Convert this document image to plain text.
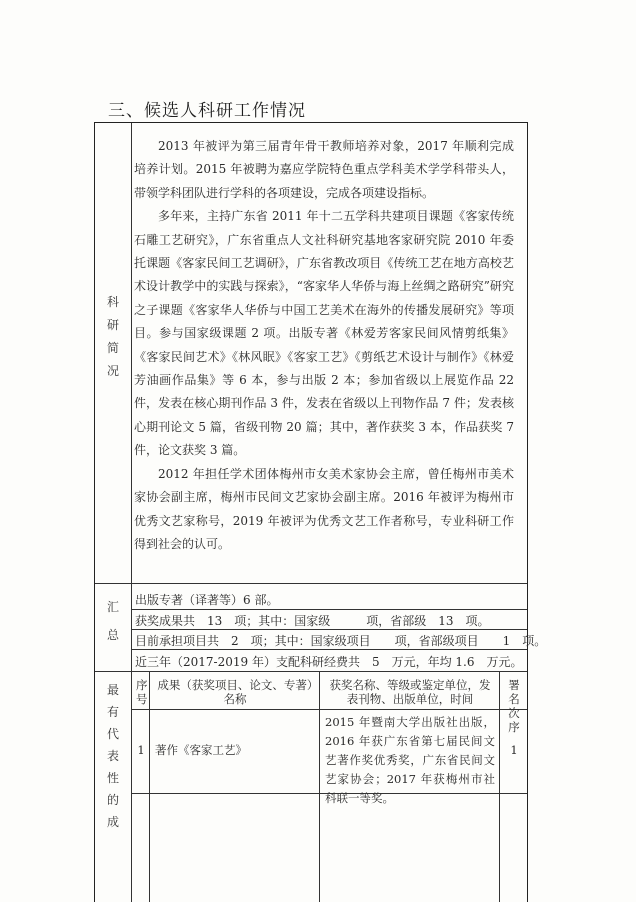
三、候选人科研工作情况
科
研
简
况

2013 年被评为第三届青年骨干教师培养对象，2017 年顺利完成培养计划。2015 年被聘为嘉应学院特色重点学科美术学学科带头人，带领学科团队进行学科的各项建设，完成各项建设指标。

多年来，主持广东省 2011 年十二五学科共建项目课题《客家传统石雕工艺研究》，广东省重点人文社科研究基地客家研究院 2010 年委托课题《客家民间工艺调研》，广东省教改项目《传统工艺在地方高校艺术设计教学中的实践与探索》，“客家华人华侨与海上丝绸之路研究”研究之子课题《客家华人华侨与中国工艺美术在海外的传播发展研究》等项目。参与国家级课题 2 项。出版专著《林爱芳客家民间风情剪纸集》《客家民间艺术》《林风眠》《客家工艺》《剪纸艺术设计与制作》《林爱芳油画作品集》等 6 本，参与出版 2 本；参加省级以上展览作品 22 件，发表在核心期刊作品 3 件，发表在省级以上刊物作品 7 件；发表核心期刊论文 5 篇，省级刊物 20 篇；其中，著作获奖 3 本，作品获奖 7 件，论文获奖 3 篇。

2012 年担任学术团体梅州市女美术家协会主席，曾任梅州市美术家协会副主席，梅州市民间文艺家协会副主席。2016 年被评为梅州市优秀文艺家称号，2019 年被评为优秀文艺工作者称号，专业科研工作得到社会的认可。

汇
总
出版专著（译著等）6 部。
获奖成果共　13　项；其中：国家级　　　项，省部级　13　项。
目前承担项目共　2　项；其中：国家级项目　　项，省部级项目　　1　项。
近三年（2017-2019 年）支配科研经费共　5　万元，年均 1.6　万元。
最
有
代
表
性
的
成
序号
成果（获奖项目、论文、专著）名称
获奖名称、等级或鉴定单位，发表刊物、出版单位，时间
署名次序
1 著作《客家工艺》
2015 年暨南大学出版社出版，2016 年获广东省第七届民间文艺著作奖优秀奖，广东省民间文艺家协会；2017 年获梅州市社科联一等奖。
1
